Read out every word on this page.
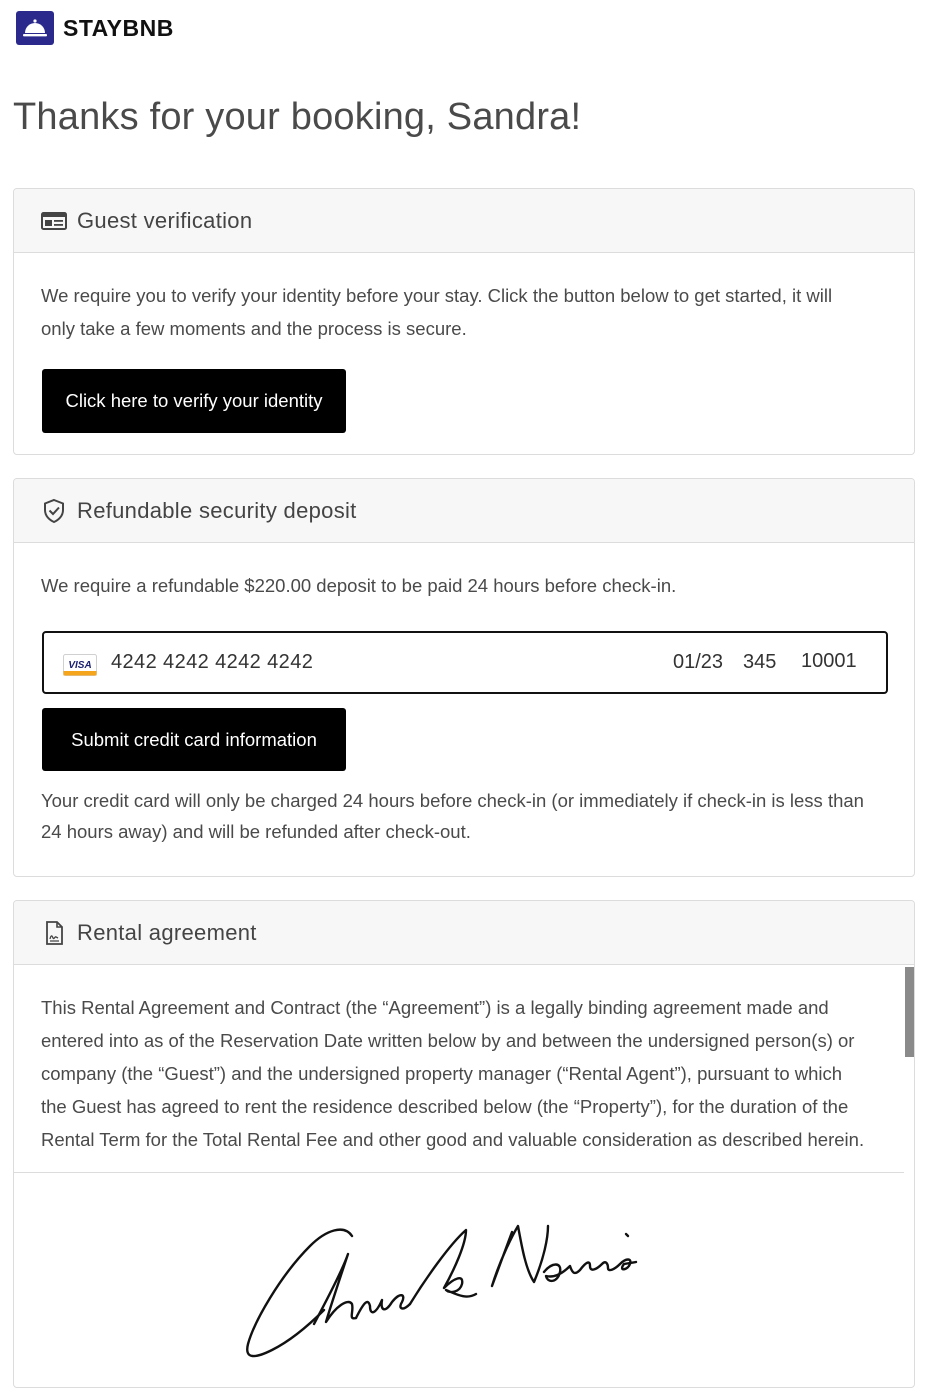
STAYBNB
Thanks for your booking, Sandra!
Guest verification
We require you to verify your identity before your stay. Click the button below to get started, it will
only take a few moments and the process is secure.
Click here to verify your identity
Refundable security deposit
We require a refundable $220.00 deposit to be paid 24 hours before check-in.
VISA 4242 4242 4242 4242	01/23 345 10001
Submit credit card information
Your credit card will only be charged 24 hours before check-in (or immediately if check-in is less than
24 hours away) and will be refunded after check-out.
Rental agreement
This Rental Agreement and Contract (the “Agreement”) is a legally binding agreement made and
entered into as of the Reservation Date written below by and between the undersigned person(s) or
company (the “Guest”) and the undersigned property manager (“Rental Agent”), pursuant to which
the Guest has agreed to rent the residence described below (the “Property”), for the duration of the
Rental Term for the Total Rental Fee and other good and valuable consideration as described herein.
